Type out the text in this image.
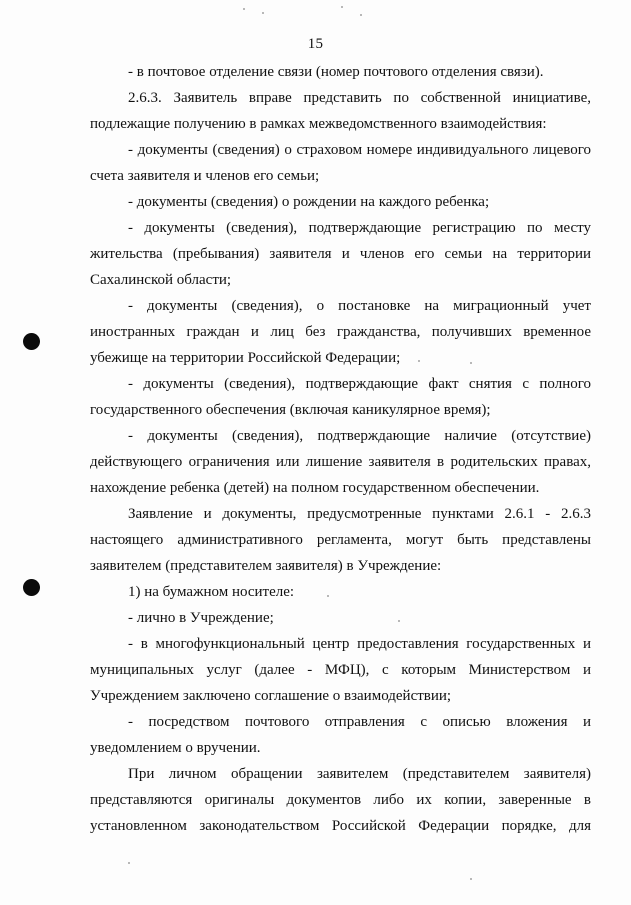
15

- в почтовое отделение связи (номер почтового отделения связи).

2.6.3. Заявитель вправе представить по собственной инициативе, подлежащие получению в рамках межведомственного взаимодействия:

- документы (сведения) о страховом номере индивидуального лицевого счета заявителя и членов его семьи;

- документы (сведения) о рождении на каждого ребенка;

- документы (сведения), подтверждающие регистрацию по месту жительства (пребывания) заявителя и членов его семьи на территории Сахалинской области;

- документы (сведения), о постановке на миграционный учет иностранных граждан и лиц без гражданства, получивших временное убежище на территории Российской Федерации;

- документы (сведения), подтверждающие факт снятия с полного государственного обеспечения (включая каникулярное время);

- документы (сведения), подтверждающие наличие (отсутствие) действующего ограничения или лишение заявителя в родительских правах, нахождение ребенка (детей) на полном государственном обеспечении.

Заявление и документы, предусмотренные пунктами 2.6.1 - 2.6.3 настоящего административного регламента, могут быть представлены заявителем (представителем заявителя) в Учреждение:

1) на бумажном носителе:

- лично в Учреждение;

- в многофункциональный центр предоставления государственных и муниципальных услуг (далее - МФЦ), с которым Министерством и Учреждением заключено соглашение о взаимодействии;

- посредством почтового отправления с описью вложения и уведомлением о вручении.

При личном обращении заявителем (представителем заявителя) представляются оригиналы документов либо их копии, заверенные в установленном законодательством Российской Федерации порядке, для
